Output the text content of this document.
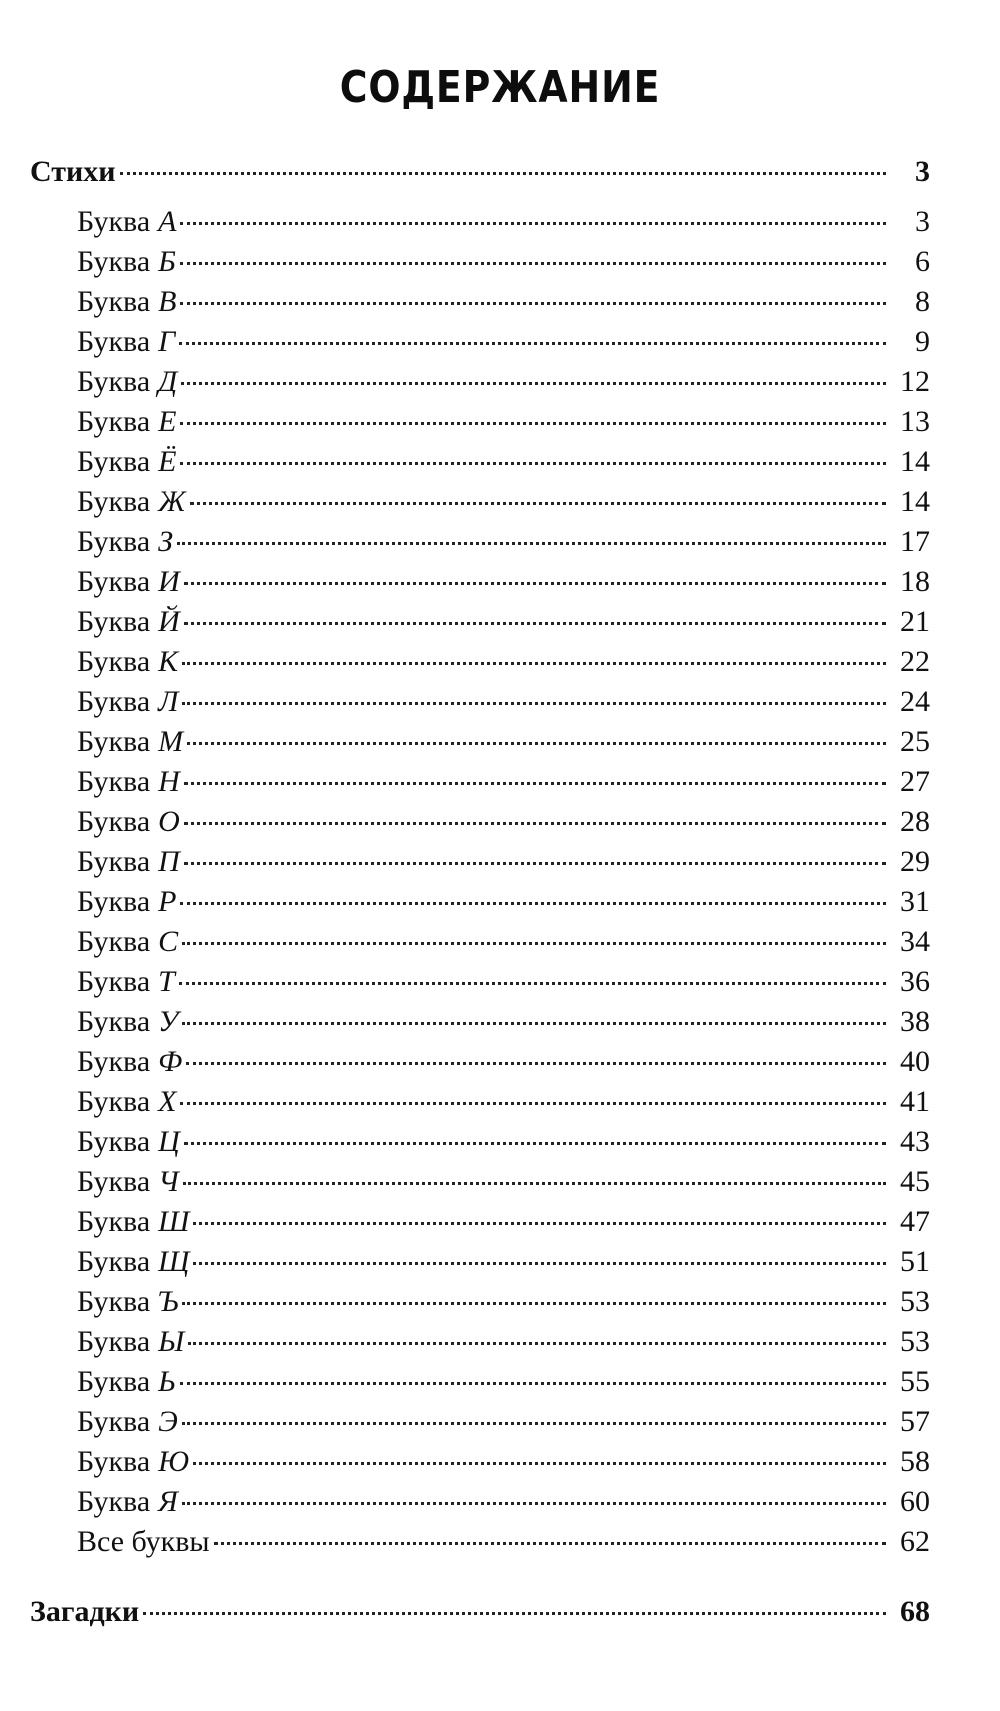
СОДЕРЖАНИЕ
Стихи	3
Буква А	3
Буква Б	6
Буква В	8
Буква Г	9
Буква Д	12
Буква Е	13
Буква Ё	14
Буква Ж	14
Буква З	17
Буква И	18
Буква Й	21
Буква К	22
Буква Л	24
Буква М	25
Буква Н	27
Буква О	28
Буква П	29
Буква Р	31
Буква С	34
Буква Т	36
Буква У	38
Буква Ф	40
Буква Х	41
Буква Ц	43
Буква Ч	45
Буква Ш	47
Буква Щ	51
Буква Ъ	53
Буква Ы	53
Буква Ь	55
Буква Э	57
Буква Ю	58
Буква Я	60
Все буквы	62
Загадки	68
